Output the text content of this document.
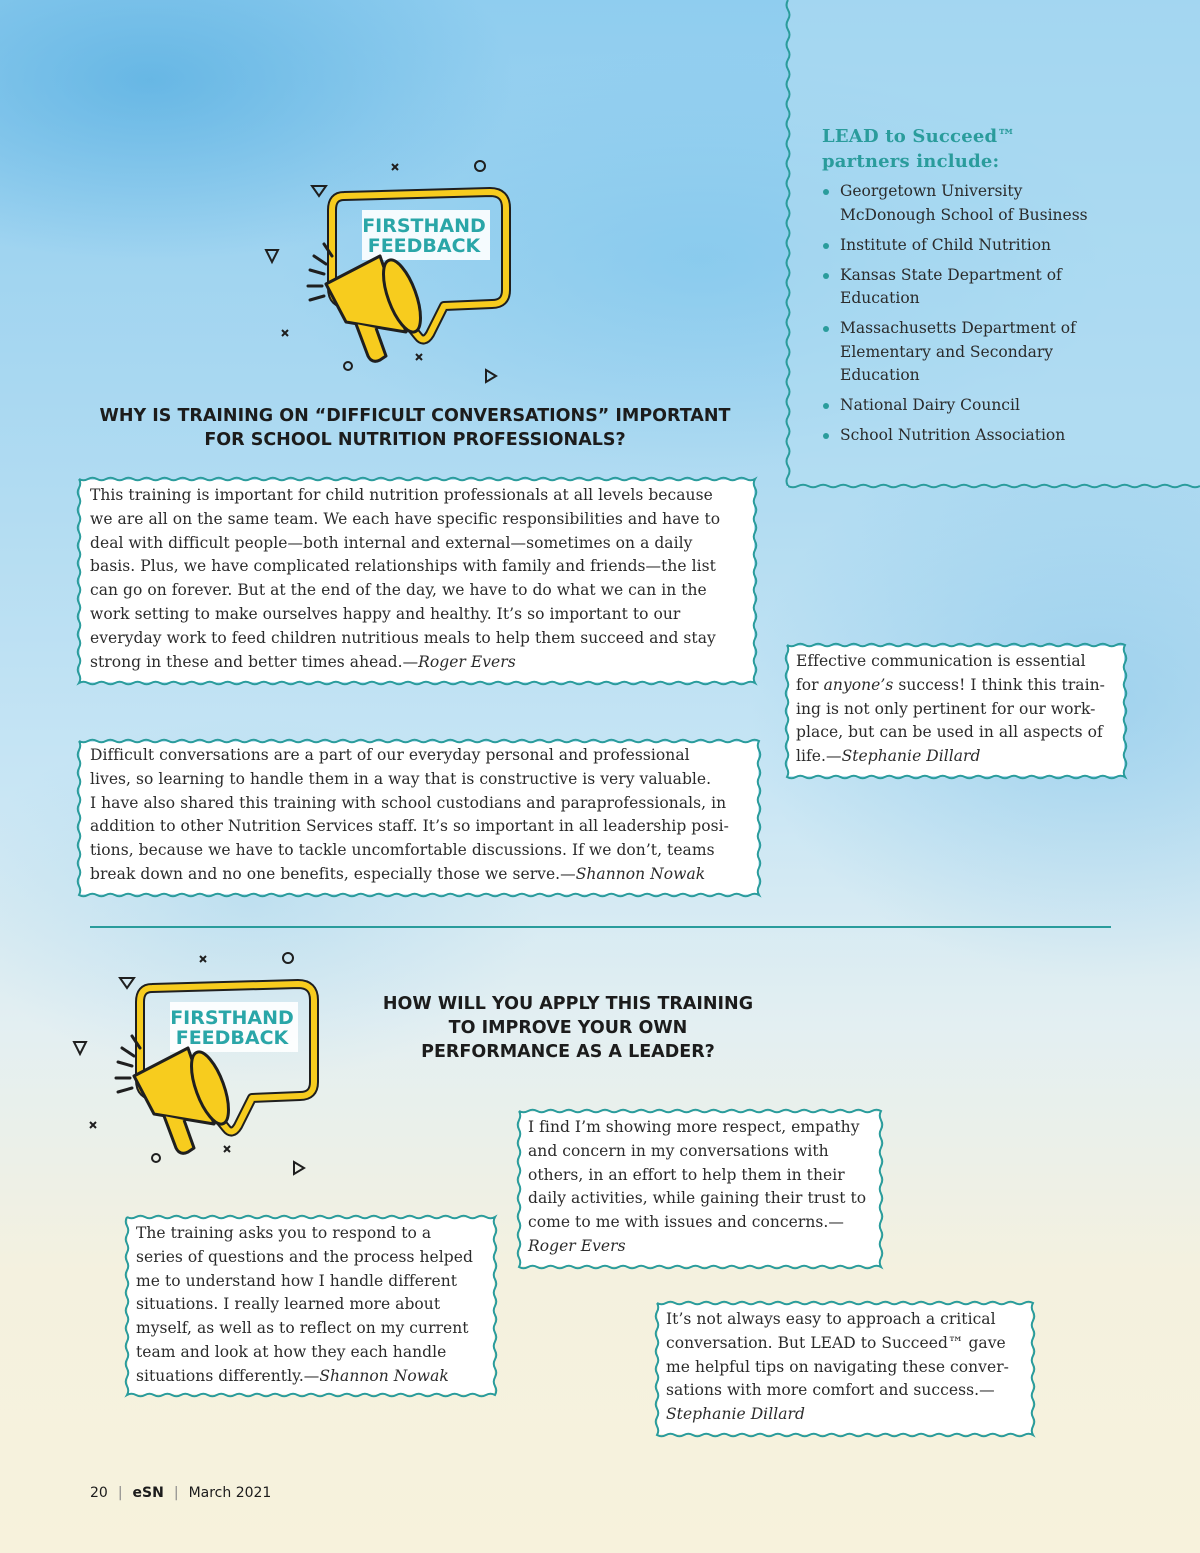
LEAD to Succeed™
partners include:
Georgetown University McDonough School of Business
Institute of Child Nutrition
Kansas State Department of Education
Massachusetts Department of Elementary and Secondary Education
National Dairy Council
School Nutrition Association
FIRSTHAND
FEEDBACK
WHY IS TRAINING ON “DIFFICULT CONVERSATIONS” IMPORTANT
FOR SCHOOL NUTRITION PROFESSIONALS?
This training is important for child nutrition professionals at all levels because
we are all on the same team. We each have specific responsibilities and have to
deal with difficult people—both internal and external—sometimes on a daily
basis. Plus, we have complicated relationships with family and friends—the list
can go on forever. But at the end of the day, we have to do what we can in the
work setting to make ourselves happy and healthy. It’s so important to our
everyday work to feed children nutritious meals to help them succeed and stay
strong in these and better times ahead.—Roger Evers	Effective communication is essential
for anyone’s success! I think this train-
ing is not only pertinent for our work-
place, but can be used in all aspects of
life.—Stephanie Dillard
Difficult conversations are a part of our everyday personal and professional
lives, so learning to handle them in a way that is constructive is very valuable.
I have also shared this training with school custodians and paraprofessionals, in
addition to other Nutrition Services staff. It’s so important in all leadership posi-
tions, because we have to tackle uncomfortable discussions. If we don’t, teams
break down and no one benefits, especially those we serve.—Shannon Nowak
FIRSTHAND
FEEDBACK
HOW WILL YOU APPLY THIS TRAINING
TO IMPROVE YOUR OWN
PERFORMANCE AS A LEADER?
I find I’m showing more respect, empathy
and concern in my conversations with
others, in an effort to help them in their
daily activities, while gaining their trust to
come to me with issues and concerns.—
Roger Evers
The training asks you to respond to a
series of questions and the process helped
me to understand how I handle different
situations. I really learned more about
myself, as well as to reflect on my current
team and look at how they each handle
situations differently.—Shannon Nowak
It’s not always easy to approach a critical
conversation. But LEAD to Succeed™ gave
me helpful tips on navigating these conver-
sations with more comfort and success.—
Stephanie Dillard
20 | eSN | March 2021
